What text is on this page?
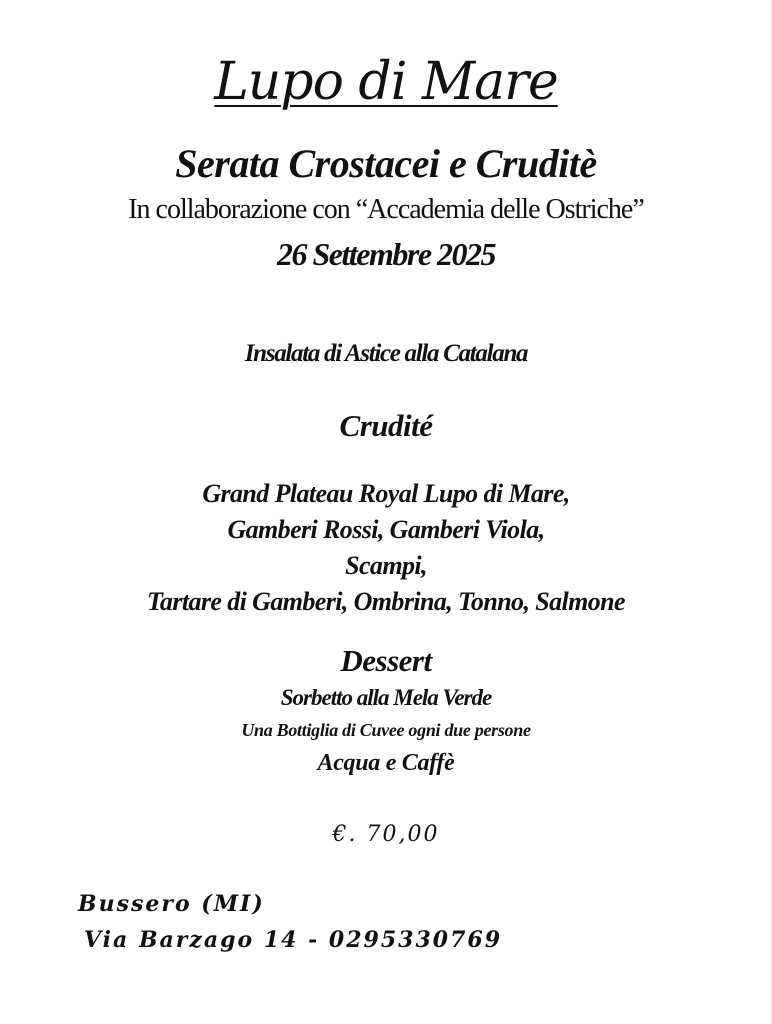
Lupo di Mare
Serata Crostacei e Cruditè

In collaborazione con “Accademia delle Ostriche”

26 Settembre 2025

Insalata di Astice alla Catalana

Crudité
Grand Plateau Royal Lupo di Mare,
Gamberi Rossi, Gamberi Viola,
Scampi,
Tartare di Gamberi, Ombrina, Tonno, Salmone
Dessert

Sorbetto alla Mela Verde

Una Bottiglia di Cuvee ogni due persone

Acqua e Caffè

€. 70,00

Bussero (MI)
Via Barzago 14 - 0295330769
